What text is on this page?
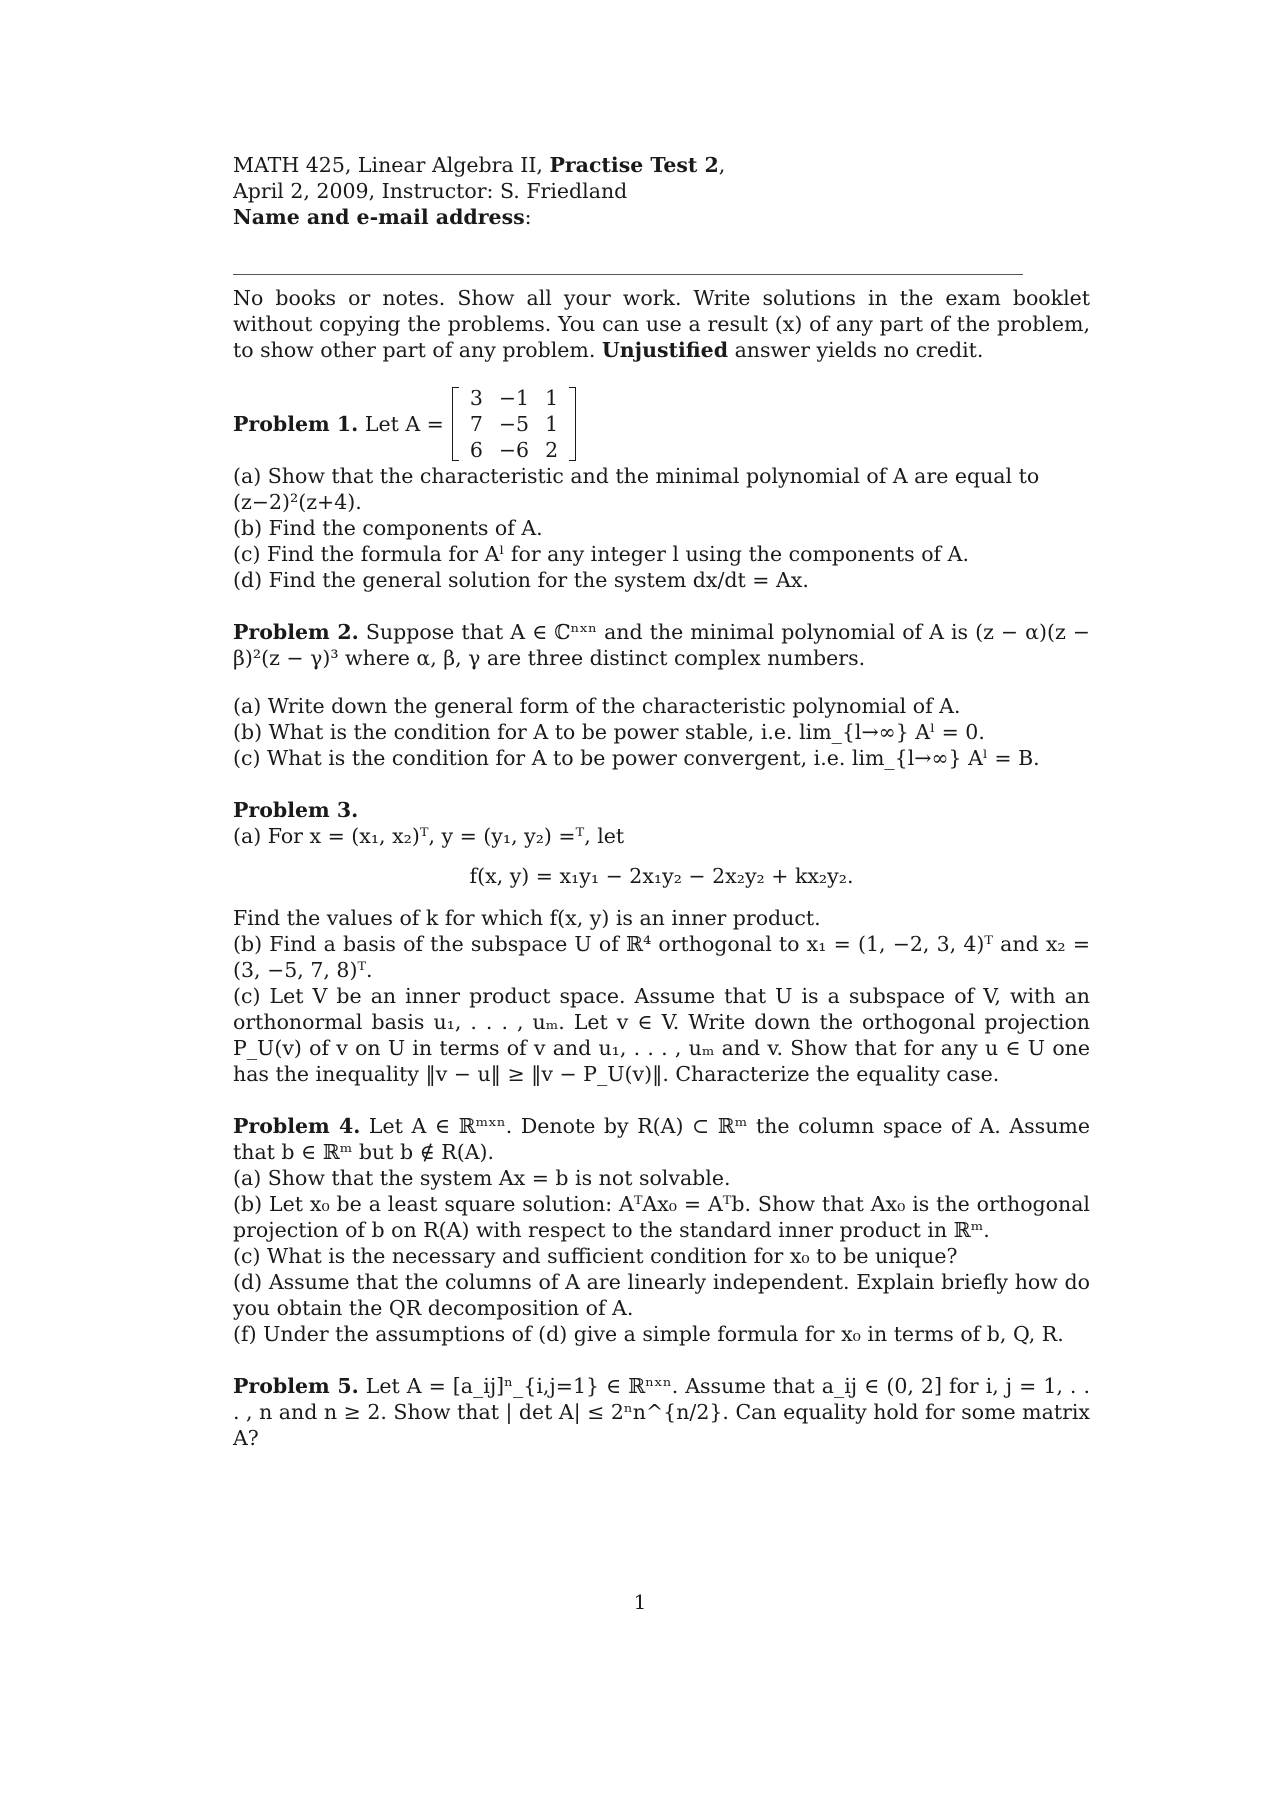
MATH 425, Linear Algebra II, Practise Test 2,

April 2, 2009, Instructor: S. Friedland

Name and e-mail address:

No books or notes. Show all your work. Write solutions in the exam booklet without copying the problems. You can use a result (x) of any part of the problem, to show other part of any problem. Unjustified answer yields no credit.

Problem 1.
Let A =
3	−1	1
7	−5	1
6	−6	2

(a) Show that the characteristic and the minimal polynomial of A are equal to (z−2)²(z+4).

(b) Find the components of A.

(c) Find the formula for Aˡ for any integer l using the components of A.

(d) Find the general solution for the system dx/dt = Ax.

Problem 2. Suppose that A ∈ ℂⁿˣⁿ and the minimal polynomial of A is (z − α)(z − β)²(z − γ)³ where α, β, γ are three distinct complex numbers.

(a) Write down the general form of the characteristic polynomial of A.

(b) What is the condition for A to be power stable, i.e. lim_{l→∞} Aˡ = 0.

(c) What is the condition for A to be power convergent, i.e. lim_{l→∞} Aˡ = B.

Problem 3.

(a) For x = (x₁, x₂)ᵀ, y = (y₁, y₂) =ᵀ, let

f(x, y) = x₁y₁ − 2x₁y₂ − 2x₂y₂ + kx₂y₂.

Find the values of k for which f(x, y) is an inner product.

(b) Find a basis of the subspace U of ℝ⁴ orthogonal to x₁ = (1, −2, 3, 4)ᵀ and x₂ = (3, −5, 7, 8)ᵀ.

(c) Let V be an inner product space. Assume that U is a subspace of V, with an orthonormal basis u₁, . . . , uₘ. Let v ∈ V. Write down the orthogonal projection P_U(v) of v on U in terms of v and u₁, . . . , uₘ and v. Show that for any u ∈ U one has the inequality ‖v − u‖ ≥ ‖v − P_U(v)‖. Characterize the equality case.

Problem 4. Let A ∈ ℝᵐˣⁿ. Denote by R(A) ⊂ ℝᵐ the column space of A. Assume that b ∈ ℝᵐ but b ∉ R(A).

(a) Show that the system Ax = b is not solvable.

(b) Let x₀ be a least square solution: AᵀAx₀ = Aᵀb. Show that Ax₀ is the orthogonal projection of b on R(A) with respect to the standard inner product in ℝᵐ.

(c) What is the necessary and sufficient condition for x₀ to be unique?

(d) Assume that the columns of A are linearly independent. Explain briefly how do you obtain the QR decomposition of A.

(f) Under the assumptions of (d) give a simple formula for x₀ in terms of b, Q, R.

Problem 5. Let A = [a_ij]ⁿ_{i,j=1} ∈ ℝⁿˣⁿ. Assume that a_ij ∈ (0, 2] for i, j = 1, . . . , n and n ≥ 2. Show that | det A| ≤ 2ⁿn^{n/2}. Can equality hold for some matrix A?

1
